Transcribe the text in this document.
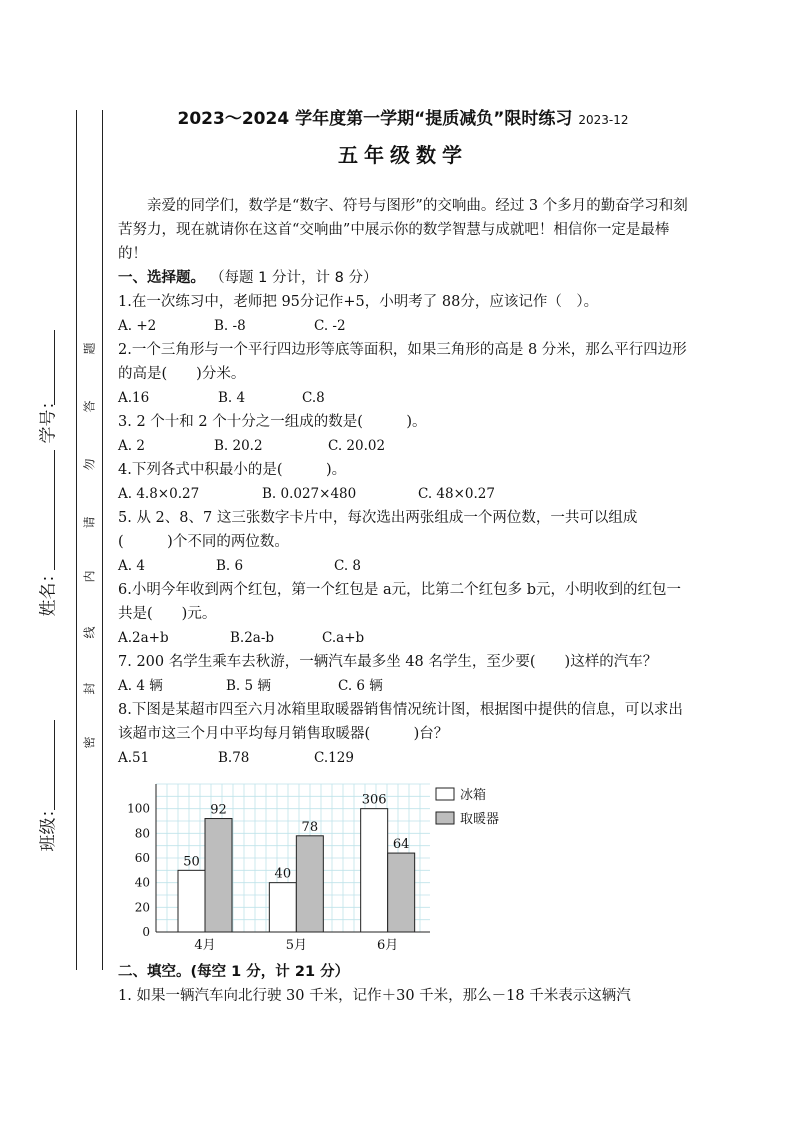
学号：
姓名：
班级：
题
答
勿
请
内
线
封
密
2023～2024 学年度第一学期“提质减负”限时练习 2023-12
五年级数学
亲爱的同学们，数学是“数字、符号与图形”的交响曲。经过 3 个多月的勤奋学习和刻苦努力，现在就请你在这首“交响曲”中展示你的数学智慧与成就吧！相信你一定是最棒的！
一、选择题。 （每题 1 分计，计 8 分）
1.在一次练习中，老师把 95分记作+5，小明考了 88分，应该记作（　）。
A. +2	B. -8	C. -2
2.一个三角形与一个平行四边形等底等面积，如果三角形的高是 8 分米，那么平行四边形的高是(　　)分米。
A.16	B. 4	C.8
3. 2 个十和 2 个十分之一组成的数是(　　　)。
A. 2	B. 20.2	C. 20.02
4.下列各式中积最小的是(　　　)。
A. 4.8×0.27	B. 0.027×480	C. 48×0.27
5. 从 2、8、7 这三张数字卡片中，每次选出两张组成一个两位数，一共可以组成(　　　)个不同的两位数。
A. 4	B. 6	C. 8
6.小明今年收到两个红包，第一个红包是 a元，比第二个红包多 b元，小明收到的红包一共是(　　)元。
A.2a+b	B.2a-b	C.a+b
7. 200 名学生乘车去秋游，一辆汽车最多坐 48 名学生，至少要(　　)这样的汽车？
A. 4 辆	B. 5 辆	C. 6 辆
8.下图是某超市四至六月冰箱里取暖器销售情况统计图，根据图中提供的信息，可以求出该超市这三个月中平均每月销售取暖器(　　　)台？
A.51	B.78	C.129
0
20
40
60
80
100
50
92
4月
40
78
5月
306
64
6月
冰箱
取暖器
二、填空。(每空 1 分，计 21 分）
1. 如果一辆汽车向北行驶 30 千米，记作＋30 千米，那么－18 千米表示这辆汽
